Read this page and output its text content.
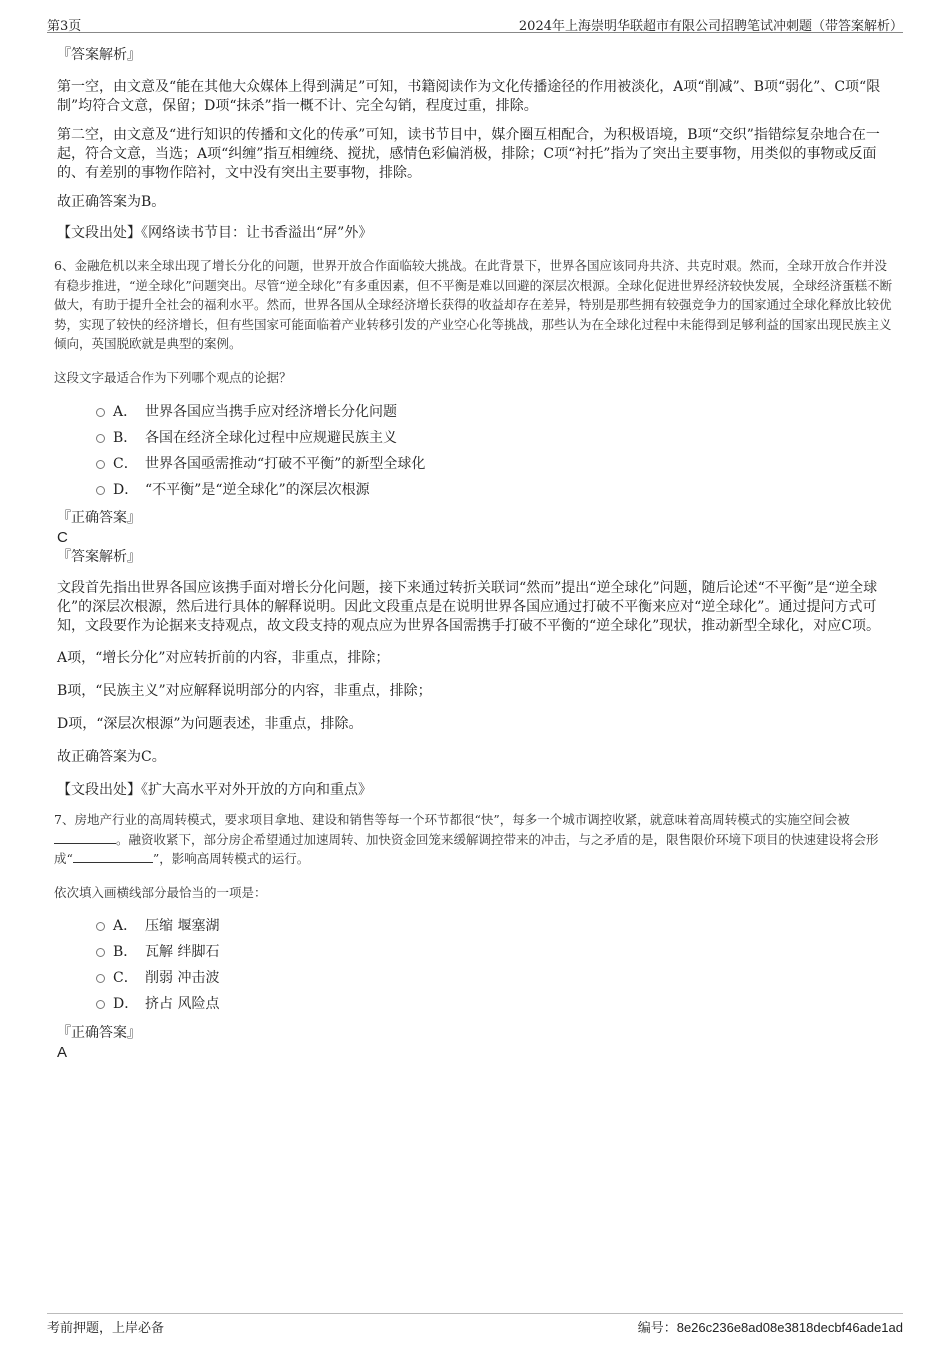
第3页	2024年上海崇明华联超市有限公司招聘笔试冲刺题（带答案解析）
『答案解析』

第一空，由文意及“能在其他大众媒体上得到满足”可知，书籍阅读作为文化传播途径的作用被淡化，A项“削减”、B项“弱化”、C项“限制”均符合文意，保留；D项“抹杀”指一概不计、完全勾销，程度过重，排除。

第二空，由文意及“进行知识的传播和文化的传承”可知，读书节目中，媒介圈互相配合，为积极语境，B项“交织”指错综复杂地合在一起，符合文意，当选；A项“纠缠”指互相缠绕、搅扰，感情色彩偏消极，排除；C项“衬托”指为了突出主要事物，用类似的事物或反面的、有差别的事物作陪衬，文中没有突出主要事物，排除。

故正确答案为B。

【文段出处】《网络读书节目：让书香溢出“屏”外》

6、金融危机以来全球出现了增长分化的问题，世界开放合作面临较大挑战。在此背景下，世界各国应该同舟共济、共克时艰。然而，全球开放合作并没有稳步推进，“逆全球化”问题突出。尽管“逆全球化”有多重因素，但不平衡是难以回避的深层次根源。全球化促进世界经济较快发展，全球经济蛋糕不断做大，有助于提升全社会的福利水平。然而，世界各国从全球经济增长获得的收益却存在差异，特别是那些拥有较强竞争力的国家通过全球化释放比较优势，实现了较快的经济增长，但有些国家可能面临着产业转移引发的产业空心化等挑战，那些认为在全球化过程中未能得到足够利益的国家出现民族主义倾向，英国脱欧就是典型的案例。

这段文字最适合作为下列哪个观点的论据？

A． 世界各国应当携手应对经济增长分化问题
B． 各国在经济全球化过程中应规避民族主义
C． 世界各国亟需推动“打破不平衡”的新型全球化
D． “不平衡”是“逆全球化”的深层次根源
『正确答案』
C
『答案解析』

文段首先指出世界各国应该携手面对增长分化问题，接下来通过转折关联词“然而”提出“逆全球化”问题，随后论述“不平衡”是“逆全球化”的深层次根源，然后进行具体的解释说明。因此文段重点是在说明世界各国应通过打破不平衡来应对“逆全球化”。通过提问方式可知，文段要作为论据来支持观点，故文段支持的观点应为世界各国需携手打破不平衡的“逆全球化”现状，推动新型全球化，对应C项。

A项，“增长分化”对应转折前的内容，非重点，排除；

B项，“民族主义”对应解释说明部分的内容，非重点，排除；

D项，“深层次根源”为问题表述，非重点，排除。

故正确答案为C。

【文段出处】《扩大高水平对外开放的方向和重点》

7、房地产行业的高周转模式，要求项目拿地、建设和销售等每一个环节都很“快”，每多一个城市调控收紧，就意味着高周转模式的实施空间会被。融资收紧下，部分房企希望通过加速周转、加快资金回笼来缓解调控带来的冲击，与之矛盾的是，限售限价环境下项目的快速建设将会形成“	”，影响高周转模式的运行。

依次填入画横线部分最恰当的一项是：

A． 压缩 堰塞湖
B． 瓦解 绊脚石
C． 削弱 冲击波
D． 挤占 风险点
『正确答案』
A
考前押题，上岸必备	编号：8e26c236e8ad08e3818decbf46ade1ad
